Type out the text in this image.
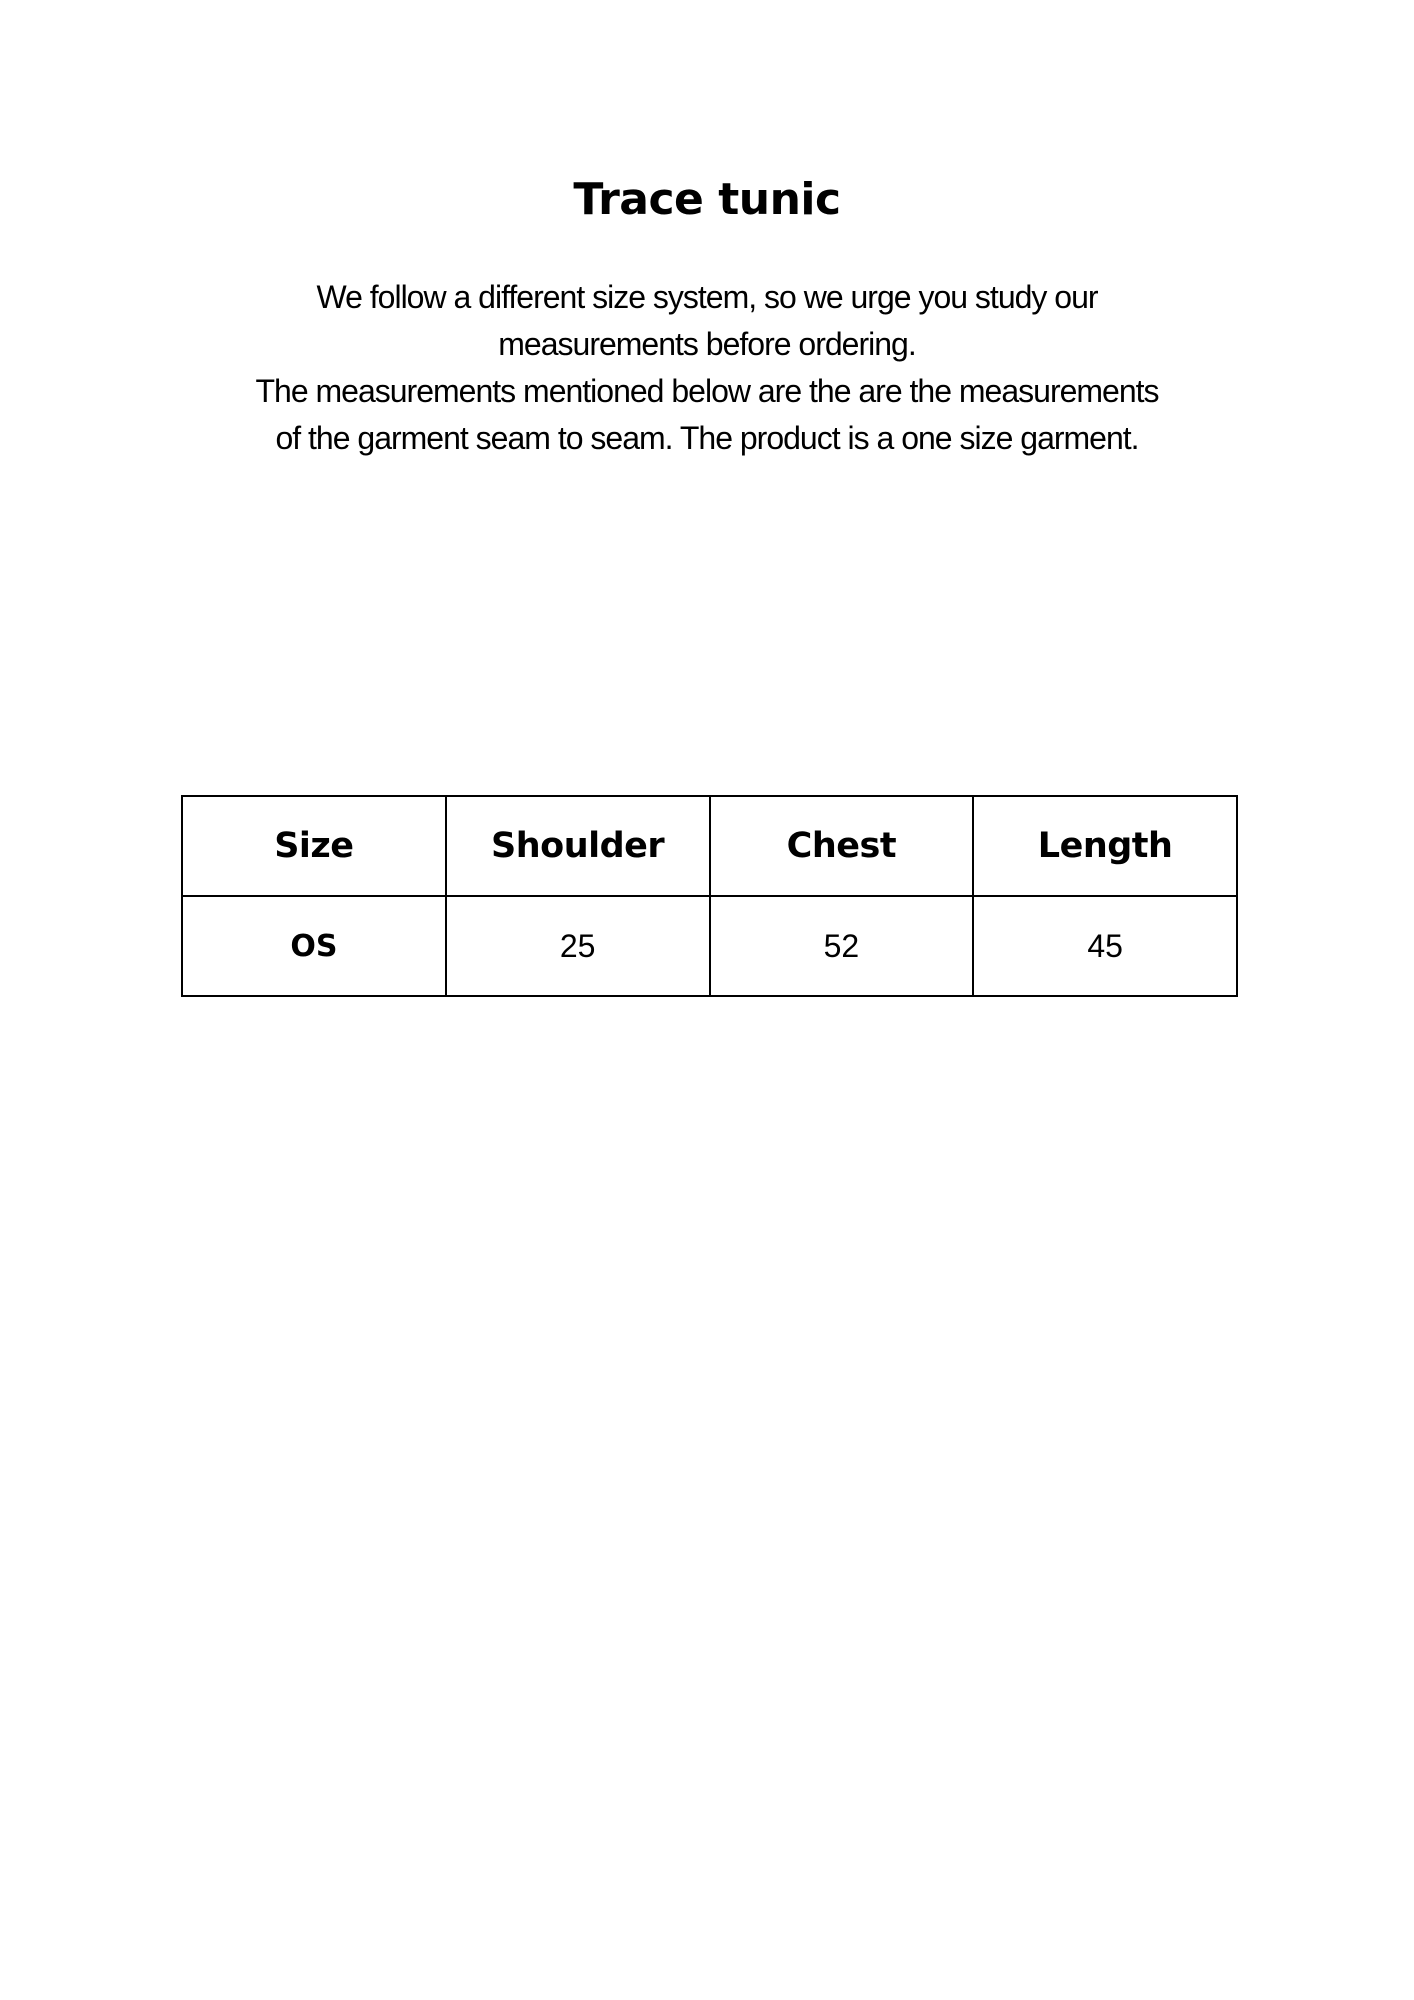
Trace tunic
We follow a different size system, so we urge you study our
measurements before ordering.
The measurements mentioned below are the are the measurements
of the garment seam to seam. The product is a one size garment.
Size	Shoulder	Chest	Length
OS	25	52	45
